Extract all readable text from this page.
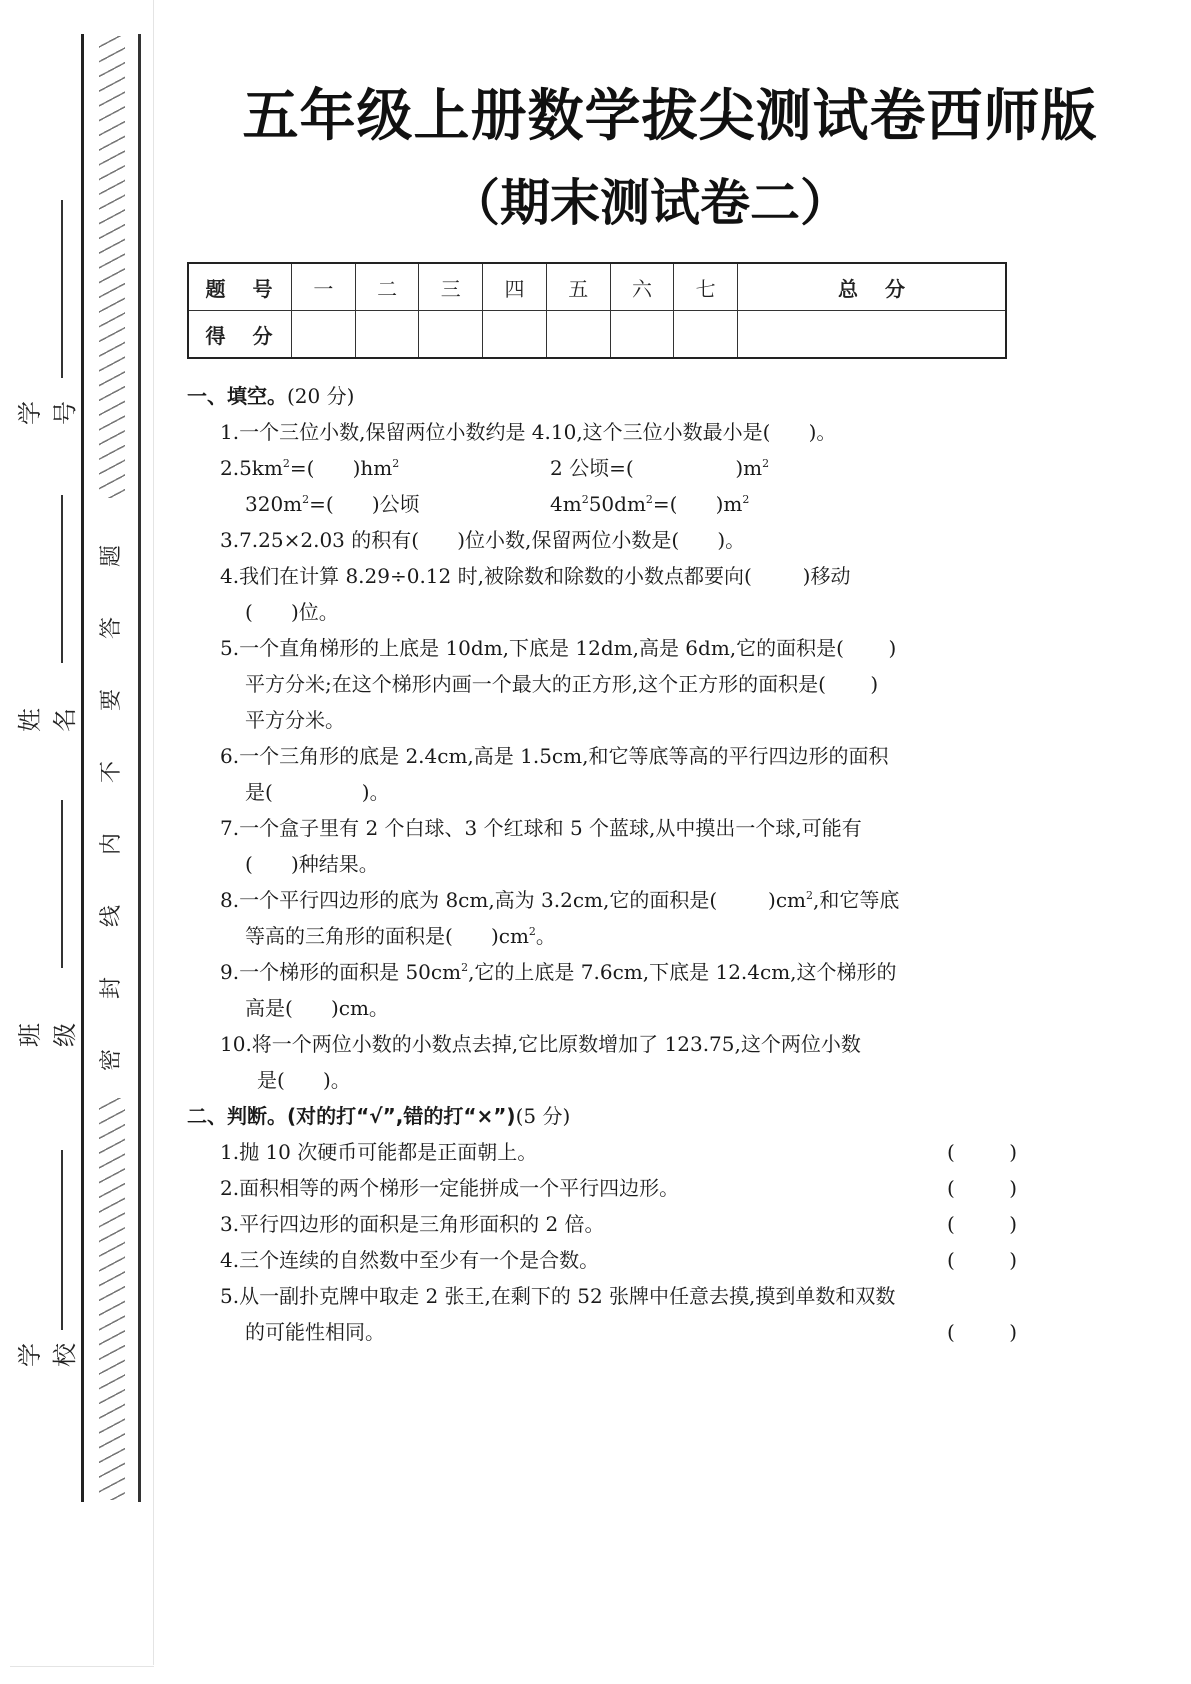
题
答
要
不
内
线
封
密
学号
姓名
班级
学校
五年级上册数学拔尖测试卷西师版
（期末测试卷二）
题 号	一	二	三	四	五	六	七	总 分
得 分								

一、填空。(20 分)

1.一个三位小数,保留两位小数约是 4.10,这个三位小数最小是(      )。

$2.5km^2=$(      )$hm^2$	2 公顷=(                )$m^2$

$320m^2=$(      )公顷	$4m^250dm^2=$(      )$m^2$

3.7.25×2.03 的积有(      )位小数,保留两位小数是(      )。

4.我们在计算 8.29÷0.12 时,被除数和除数的小数点都要向(        )移动

(      )位。

5.一个直角梯形的上底是 10dm,下底是 12dm,高是 6dm,它的面积是(       )

平方分米;在这个梯形内画一个最大的正方形,这个正方形的面积是(       )

平方分米。

6.一个三角形的底是 2.4cm,高是 1.5cm,和它等底等高的平行四边形的面积

是(              )。

7.一个盒子里有 2 个白球、3 个红球和 5 个蓝球,从中摸出一个球,可能有

(      )种结果。

8.一个平行四边形的底为 8cm,高为 3.2cm,它的面积是(        )$cm^2$,和它等底

等高的三角形的面积是(      )$cm^2$。

9.一个梯形的面积是 $50cm^2$,它的上底是 7.6cm,下底是 12.4cm,这个梯形的

高是(      )cm。

10.将一个两位小数的小数点去掉,它比原数增加了 123.75,这个两位小数

是(      )。

二、判断。(对的打“√”,错的打“×”)(5 分)

1.抛 10 次硬币可能都是正面朝上。	(	)
2.面积相等的两个梯形一定能拼成一个平行四边形。	(	)
3.平行四边形的面积是三角形面积的 2 倍。	(	)
4.三个连续的自然数中至少有一个是合数。	(	)

5.从一副扑克牌中取走 2 张王,在剩下的 52 张牌中任意去摸,摸到单数和双数

的可能性相同。	(	)
